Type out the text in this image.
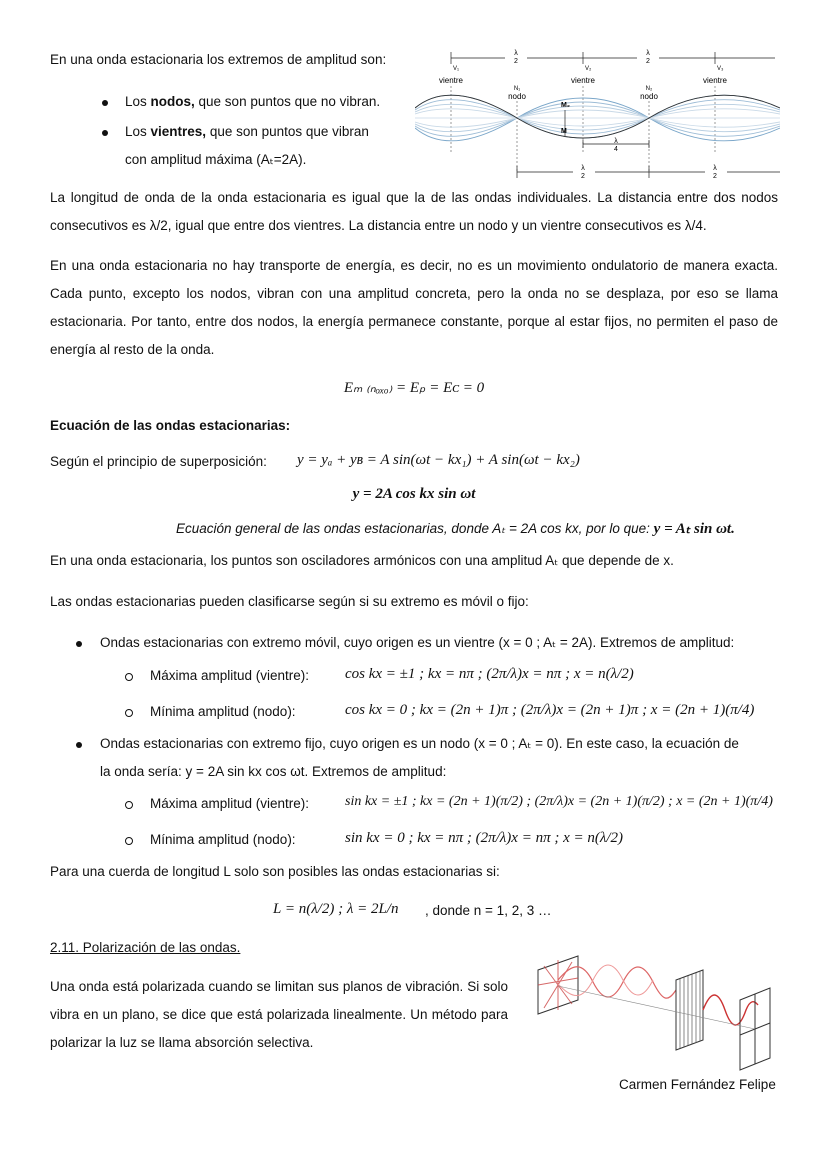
En una onda estacionaria los extremos de amplitud son:
Los nodos, que son puntos que no vibran.
Los vientres, que son puntos que vibran
con amplitud máxima (Aₜ=2A).
λ
2
λ
2
V₁	V₂	V₃
vientre	vientre	vientre
N₁	N₂
nodo	nodo
M₂
M
λ
4
λ
2
λ
2
La longitud de onda de la onda estacionaria es igual que la de las ondas individuales. La distancia entre dos nodos consecutivos es λ/2, igual que entre dos vientres. La distancia entre un nodo y un vientre consecutivos es λ/4.
En una onda estacionaria no hay transporte de energía, es decir, no es un movimiento ondulatorio de manera exacta. Cada punto, excepto los nodos, vibran con una amplitud concreta, pero la onda no se desplaza, por eso se llama estacionaria. Por tanto, entre dos nodos, la energía permanece constante, porque al estar fijos, no permiten el paso de energía al resto de la onda.
Eₘ ₍ₙₒₓₒ₎ = Eₚ = Eᴄ = 0
Ecuación de las ondas estacionarias:
Según el principio de superposición: y = yₐ + yʙ = A sin(ωt − kx₁) + A sin(ωt − kx₂)
y = 2A cos kx sin ωt
Ecuación general de las ondas estacionarias, donde Aₜ = 2A cos kx, por lo que: y = Aₜ sin ωt.
En una onda estacionaria, los puntos son osciladores armónicos con una amplitud Aₜ que depende de x.
Las ondas estacionarias pueden clasificarse según si su extremo es móvil o fijo:
Ondas estacionarias con extremo móvil, cuyo origen es un vientre (x = 0 ; Aₜ = 2A). Extremos de amplitud:
Máxima amplitud (vientre): cos kx = ±1 ; kx = nπ ; (2π/λ)x = nπ ; x = n(λ/2)
Mínima amplitud (nodo):	cos kx = 0 ; kx = (2n + 1)π ; (2π/λ)x = (2n + 1)π ; x = (2n + 1)(π/4)
Ondas estacionarias con extremo fijo, cuyo origen es un nodo (x = 0 ; Aₜ = 0). En este caso, la ecuación de
la onda sería: y = 2A sin kx cos ωt. Extremos de amplitud:
Máxima amplitud (vientre):	sin kx = ±1 ; kx = (2n + 1)(π/2) ; (2π/λ)x = (2n + 1)(π/2) ; x = (2n + 1)(π/4)
Mínima amplitud (nodo):	sin kx = 0 ; kx = nπ ; (2π/λ)x = nπ ; x = n(λ/2)
Para una cuerda de longitud L solo son posibles las ondas estacionarias si:
L = n(λ/2) ; λ = 2L/n , donde n = 1, 2, 3 …
2.11. Polarización de las ondas.
Una onda está polarizada cuando se limitan sus planos de vibración. Si solo vibra en un plano, se dice que está polarizada linealmente. Un método para polarizar la luz se llama absorción selectiva.
Carmen Fernández Felipe
